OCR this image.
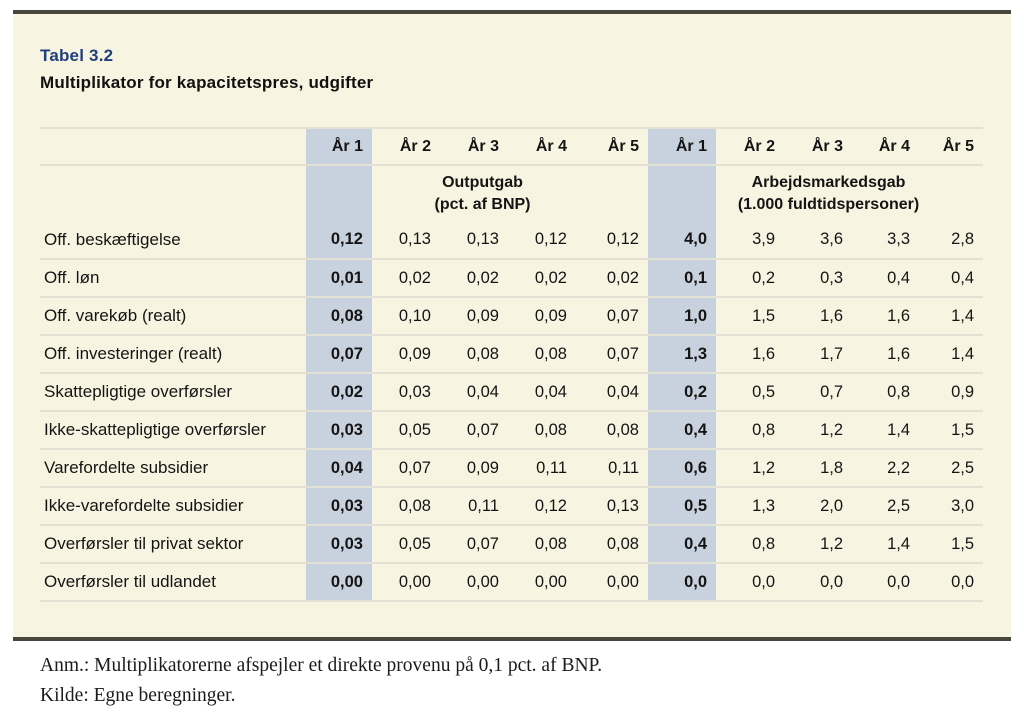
Tabel 3.2
Multiplikator for kapacitetspres, udgifter
	År 1	År 2	År 3	År 4	År 5	År 1	År 2	År 3	År 4	År 5

Outputgab
(pct. af BNP)

Arbejdsmarkedsgab
(1.000 fuldtidspersoner)

Off. beskæftigelse	0,12	0,13	0,13	0,12	0,12	4,0	3,9	3,6	3,3	2,8
Off. løn	0,01	0,02	0,02	0,02	0,02	0,1	0,2	0,3	0,4	0,4
Off. varekøb (realt)	0,08	0,10	0,09	0,09	0,07	1,0	1,5	1,6	1,6	1,4
Off. investeringer (realt)	0,07	0,09	0,08	0,08	0,07	1,3	1,6	1,7	1,6	1,4
Skattepligtige overførsler	0,02	0,03	0,04	0,04	0,04	0,2	0,5	0,7	0,8	0,9
Ikke-skattepligtige overførsler	0,03	0,05	0,07	0,08	0,08	0,4	0,8	1,2	1,4	1,5
Varefordelte subsidier	0,04	0,07	0,09	0,11	0,11	0,6	1,2	1,8	2,2	2,5
Ikke-varefordelte subsidier	0,03	0,08	0,11	0,12	0,13	0,5	1,3	2,0	2,5	3,0
Overførsler til privat sektor	0,03	0,05	0,07	0,08	0,08	0,4	0,8	1,2	1,4	1,5
Overførsler til udlandet	0,00	0,00	0,00	0,00	0,00	0,0	0,0	0,0	0,0	0,0
Anm.: Multiplikatorerne afspejler et direkte provenu på 0,1 pct. af BNP.
Kilde: Egne beregninger.
